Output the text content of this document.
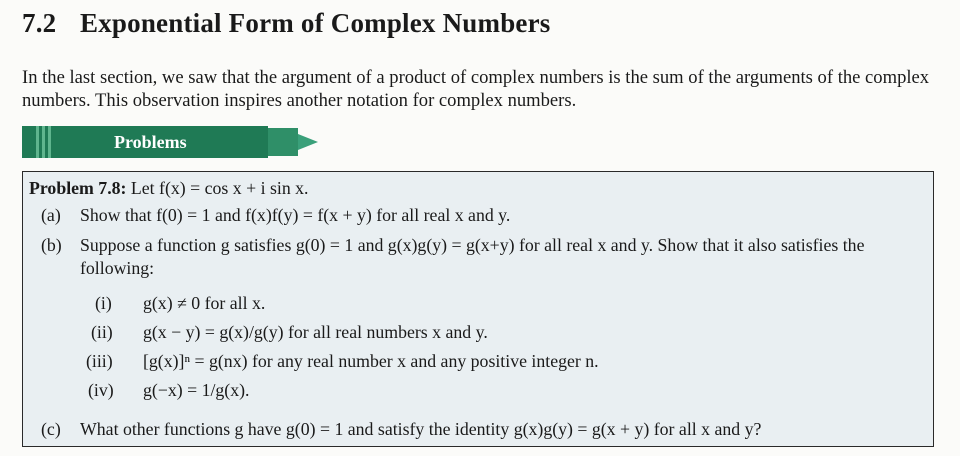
7.2 Exponential Form of Complex Numbers
In the last section, we saw that the argument of a product of complex numbers is the sum of the arguments of the complex numbers. This observation inspires another notation for complex numbers.
Problems
Problem 7.8: Let f(x) = cos x + i sin x.
(a) Show that f(0) = 1 and f(x)f(y) = f(x + y) for all real x and y.
(b) Suppose a function g satisfies g(0) = 1 and g(x)g(y) = g(x+y) for all real x and y. Show that it also satisfies the following:
(i) g(x) ≠ 0 for all x.
(ii) g(x − y) = g(x)/g(y) for all real numbers x and y.
(iii) [g(x)]ⁿ = g(nx) for any real number x and any positive integer n.
(iv) g(−x) = 1/g(x).
(c) What other functions g have g(0) = 1 and satisfy the identity g(x)g(y) = g(x + y) for all x and y?
